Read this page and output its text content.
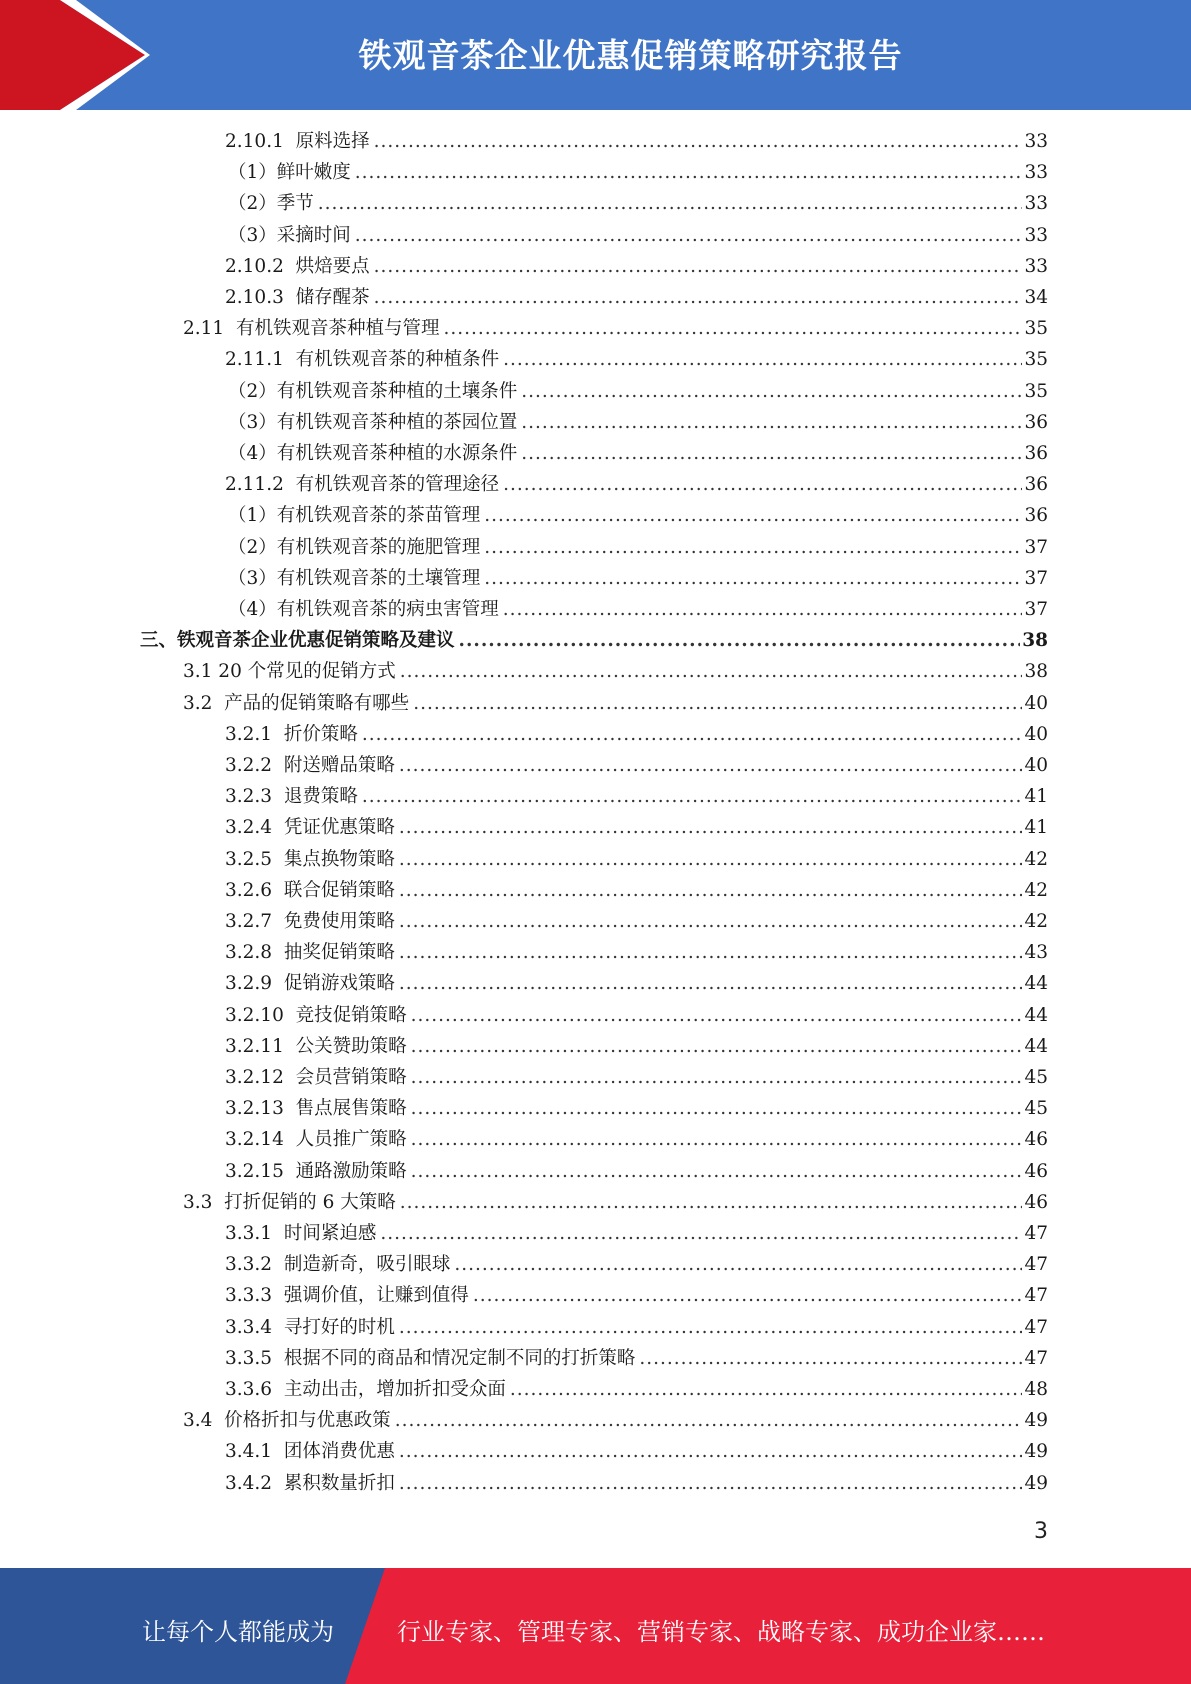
铁观音茶企业优惠促销策略研究报告
2.10.1  原料选择 .....	33
（1）鲜叶嫩度 .....	33
（2）季节 .....	33
（3）采摘时间 .....	33
2.10.2  烘焙要点 .....	33
2.10.3  储存醒茶 .....	34
2.11  有机铁观音茶种植与管理 .....	35
2.11.1  有机铁观音茶的种植条件 .....	35
（2）有机铁观音茶种植的土壤条件 .....	35
（3）有机铁观音茶种植的茶园位置 .....	36
（4）有机铁观音茶种植的水源条件 .....	36
2.11.2  有机铁观音茶的管理途径 .....	36
（1）有机铁观音茶的茶苗管理 .....	36
（2）有机铁观音茶的施肥管理 .....	37
（3）有机铁观音茶的土壤管理 .....	37
（4）有机铁观音茶的病虫害管理 .....	37
三、铁观音茶企业优惠促销策略及建议 .....	38
3.1 20 个常见的促销方式 .....	38
3.2  产品的促销策略有哪些 .....	40
3.2.1  折价策略 .....	40
3.2.2  附送赠品策略 .....	40
3.2.3  退费策略 .....	41
3.2.4  凭证优惠策略 .....	41
3.2.5  集点换物策略 .....	42
3.2.6  联合促销策略 .....	42
3.2.7  免费使用策略 .....	42
3.2.8  抽奖促销策略 .....	43
3.2.9  促销游戏策略 .....	44
3.2.10  竞技促销策略 .....	44
3.2.11  公关赞助策略 .....	44
3.2.12  会员营销策略 .....	45
3.2.13  售点展售策略 .....	45
3.2.14  人员推广策略 .....	46
3.2.15  通路激励策略 .....	46
3.3  打折促销的 6 大策略 .....	46
3.3.1  时间紧迫感 .....	47
3.3.2  制造新奇，吸引眼球 .....	47
3.3.3  强调价值，让赚到值得 .....	47
3.3.4  寻打好的时机 .....	47
3.3.5  根据不同的商品和情况定制不同的打折策略 .....	47
3.3.6  主动出击，增加折扣受众面 .....	48
3.4  价格折扣与优惠政策 .....	49
3.4.1  团体消费优惠 .....	49
3.4.2  累积数量折扣 .....	49
3
让每个人都能成为	行业专家、管理专家、营销专家、战略专家、成功企业家……
